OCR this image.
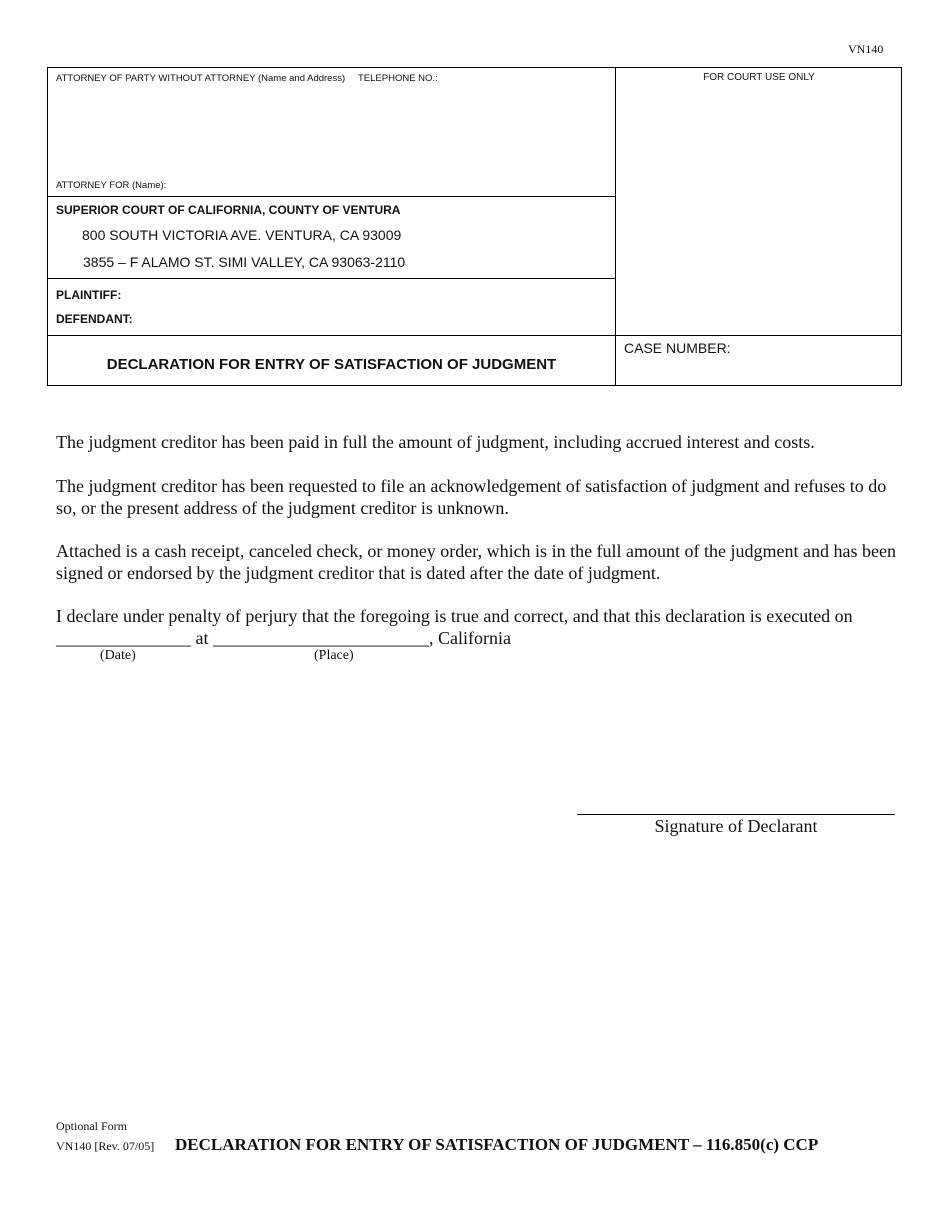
VN140
ATTORNEY OF PARTY WITHOUT ATTORNEY (Name and Address) TELEPHONE NO.:
ATTORNEY FOR (Name):
SUPERIOR COURT OF CALIFORNIA, COUNTY OF VENTURA
800 SOUTH VICTORIA AVE. VENTURA, CA 93009
3855 – F ALAMO ST. SIMI VALLEY, CA 93063-2110
PLAINTIFF:
DEFENDANT:
DECLARATION FOR ENTRY OF SATISFACTION OF JUDGMENT
FOR COURT USE ONLY
CASE NUMBER:
The judgment creditor has been paid in full the amount of judgment, including accrued interest and costs.
The judgment creditor has been requested to file an acknowledgement of satisfaction of judgment and refuses to do so, or the present address of the judgment creditor is unknown.
Attached is a cash receipt, canceled check, or money order, which is in the full amount of the judgment and has been signed or endorsed by the judgment creditor that is dated after the date of judgment.
I declare under penalty of perjury that the foregoing is true and correct, and that this declaration is executed on
_______________ at ________________________, California
(Date)	(Place)
Signature of Declarant
Optional Form
VN140 [Rev. 07/05] DECLARATION FOR ENTRY OF SATISFACTION OF JUDGMENT – 116.850(c) CCP
